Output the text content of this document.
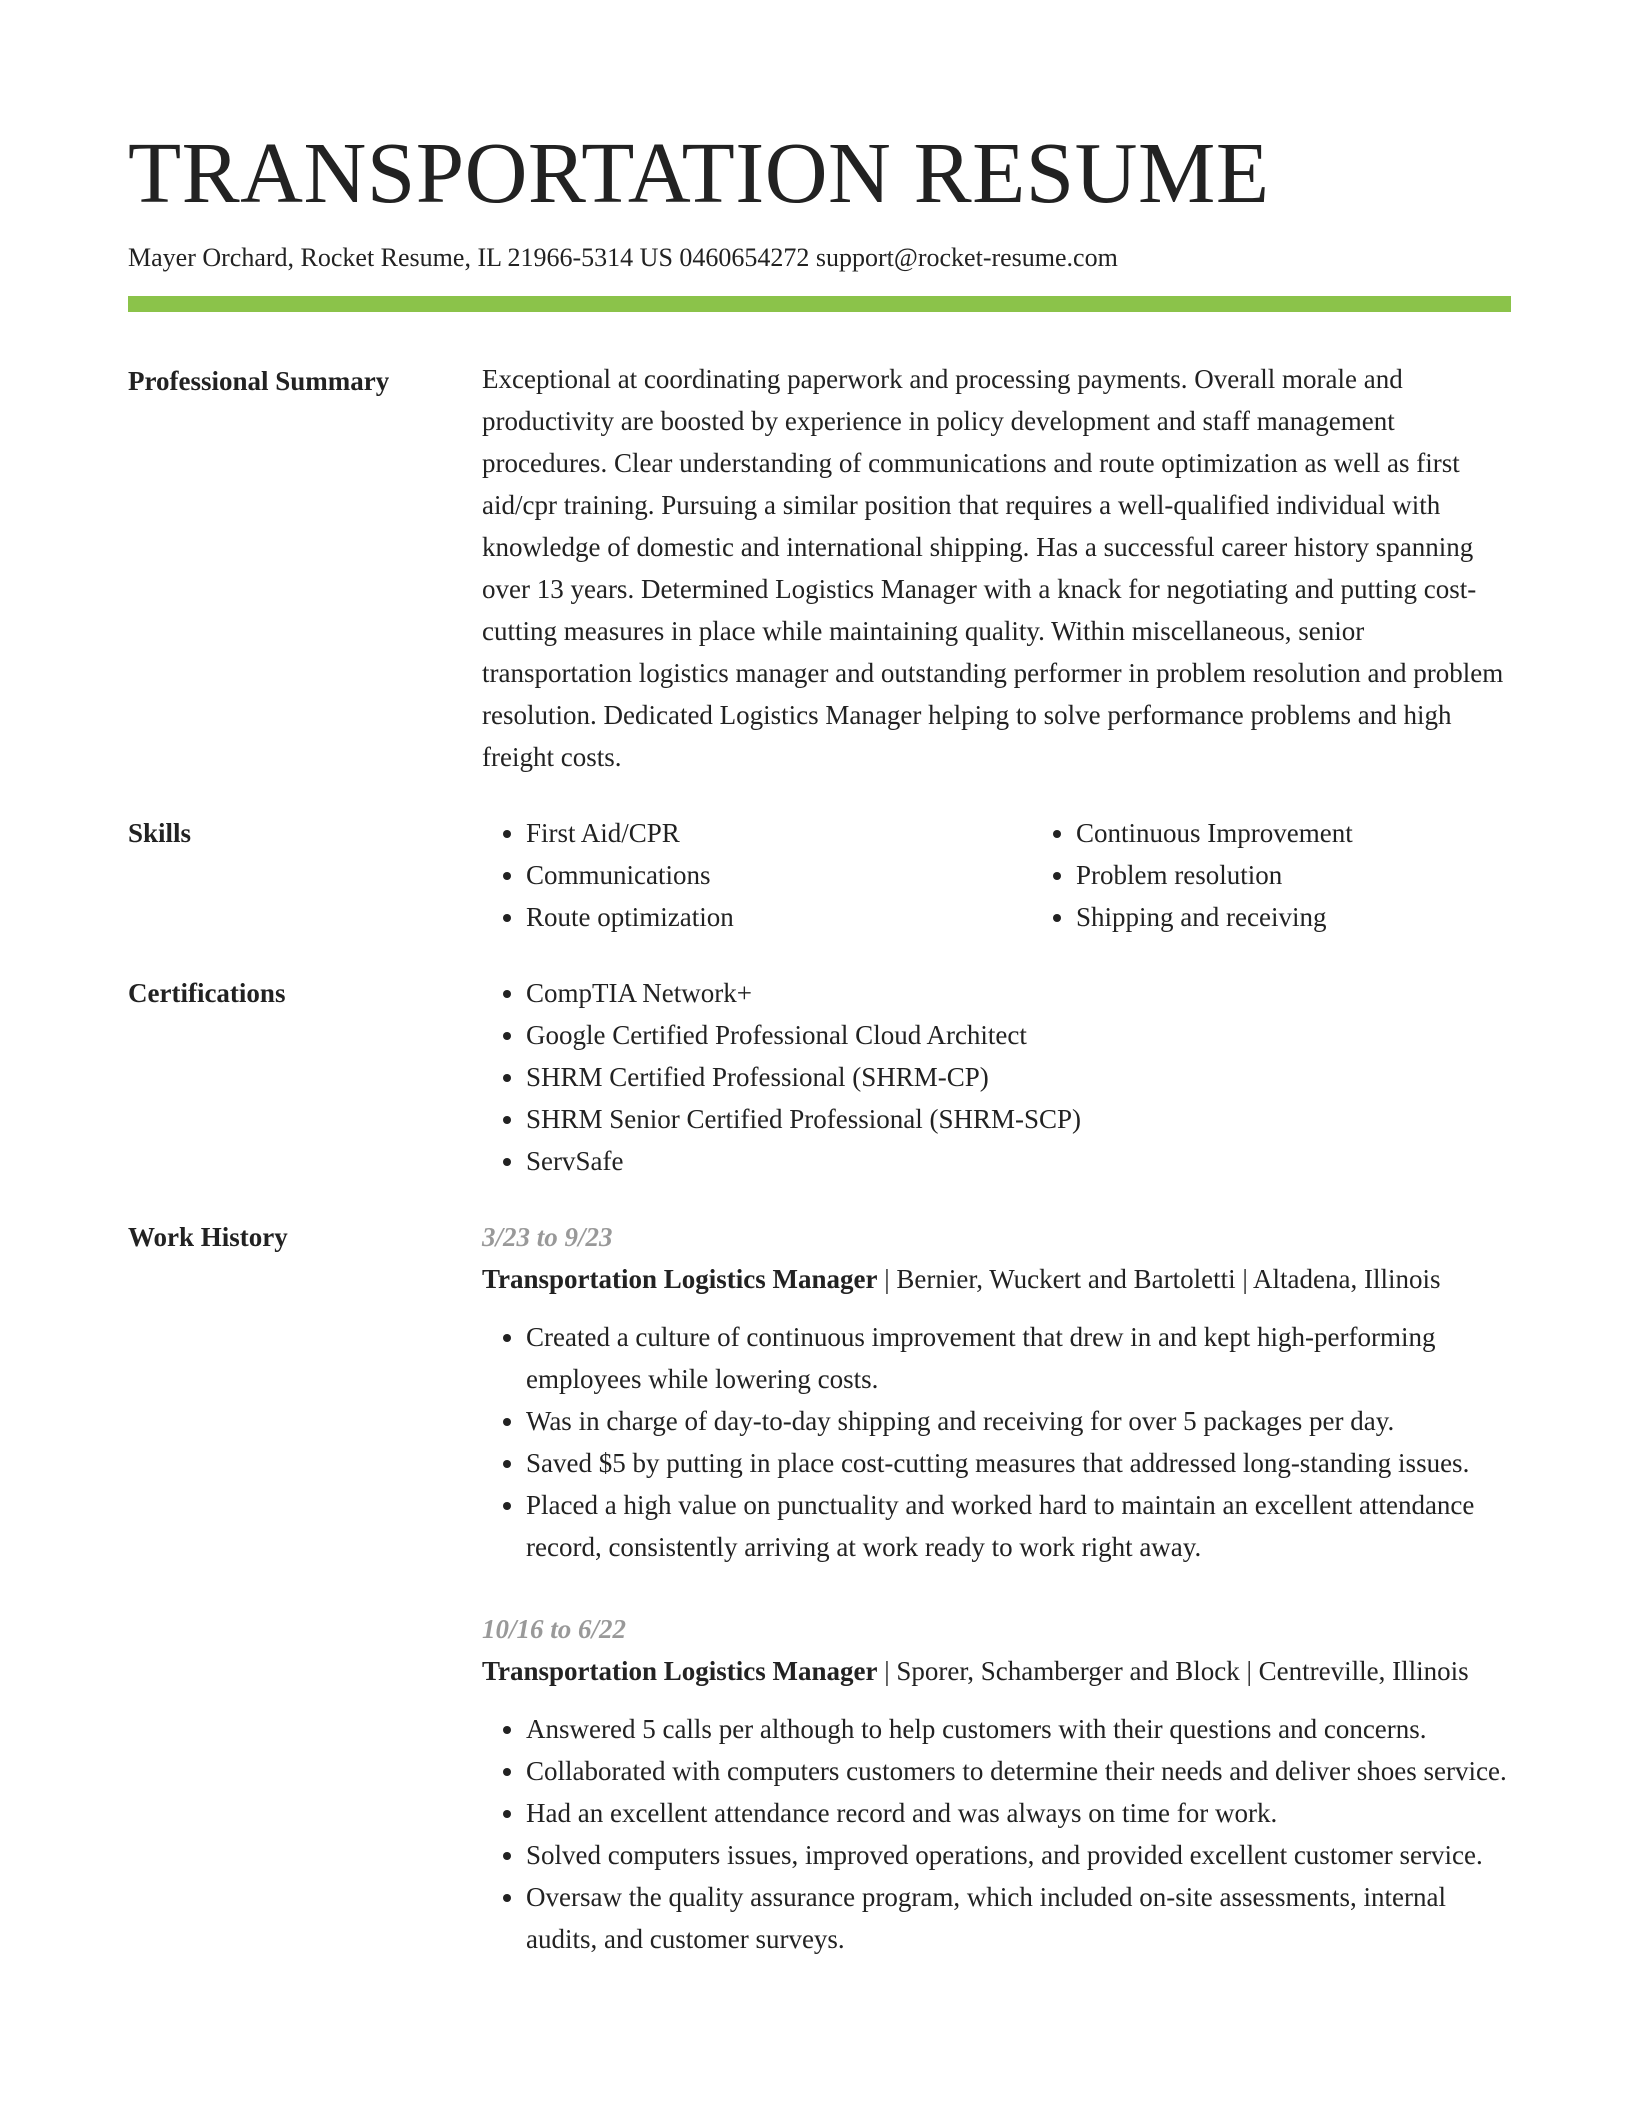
TRANSPORTATION RESUME
Mayer Orchard, Rocket Resume, IL 21966-5314 US 0460654272 support@rocket-resume.com
Professional Summary	Exceptional at coordinating paperwork and processing payments. Overall morale and productivity are boosted by experience in policy development and staff management procedures. Clear understanding of communications and route optimization as well as first aid/cpr training. Pursuing a similar position that requires a well-qualified individual with knowledge of domestic and international shipping. Has a successful career history spanning over 13 years. Determined Logistics Manager with a knack for negotiating and putting cost-cutting measures in place while maintaining quality. Within miscellaneous, senior transportation logistics manager and outstanding performer in problem resolution and problem resolution. Dedicated Logistics Manager helping to solve performance problems and high freight costs.

Skills	• First Aid/CPR
• Communications
• Route optimization
• Continuous Improvement
• Problem resolution
• Shipping and receiving
Certifications	• CompTIA Network+
• Google Certified Professional Cloud Architect
• SHRM Certified Professional (SHRM-CP)
• SHRM Senior Certified Professional (SHRM-SCP)
• ServSafe
Work History	3/23 to 9/23
Transportation Logistics Manager | Bernier, Wuckert and Bartoletti | Altadena, Illinois
• Created a culture of continuous improvement that drew in and kept high-performing employees while lowering costs.
• Was in charge of day-to-day shipping and receiving for over 5 packages per day.
• Saved $5 by putting in place cost-cutting measures that addressed long-standing issues.
• Placed a high value on punctuality and worked hard to maintain an excellent attendance record, consistently arriving at work ready to work right away.
10/16 to 6/22
Transportation Logistics Manager | Sporer, Schamberger and Block | Centreville, Illinois
• Answered 5 calls per although to help customers with their questions and concerns.
• Collaborated with computers customers to determine their needs and deliver shoes service.
• Had an excellent attendance record and was always on time for work.
• Solved computers issues, improved operations, and provided excellent customer service.
• Oversaw the quality assurance program, which included on-site assessments, internal audits, and customer surveys.
